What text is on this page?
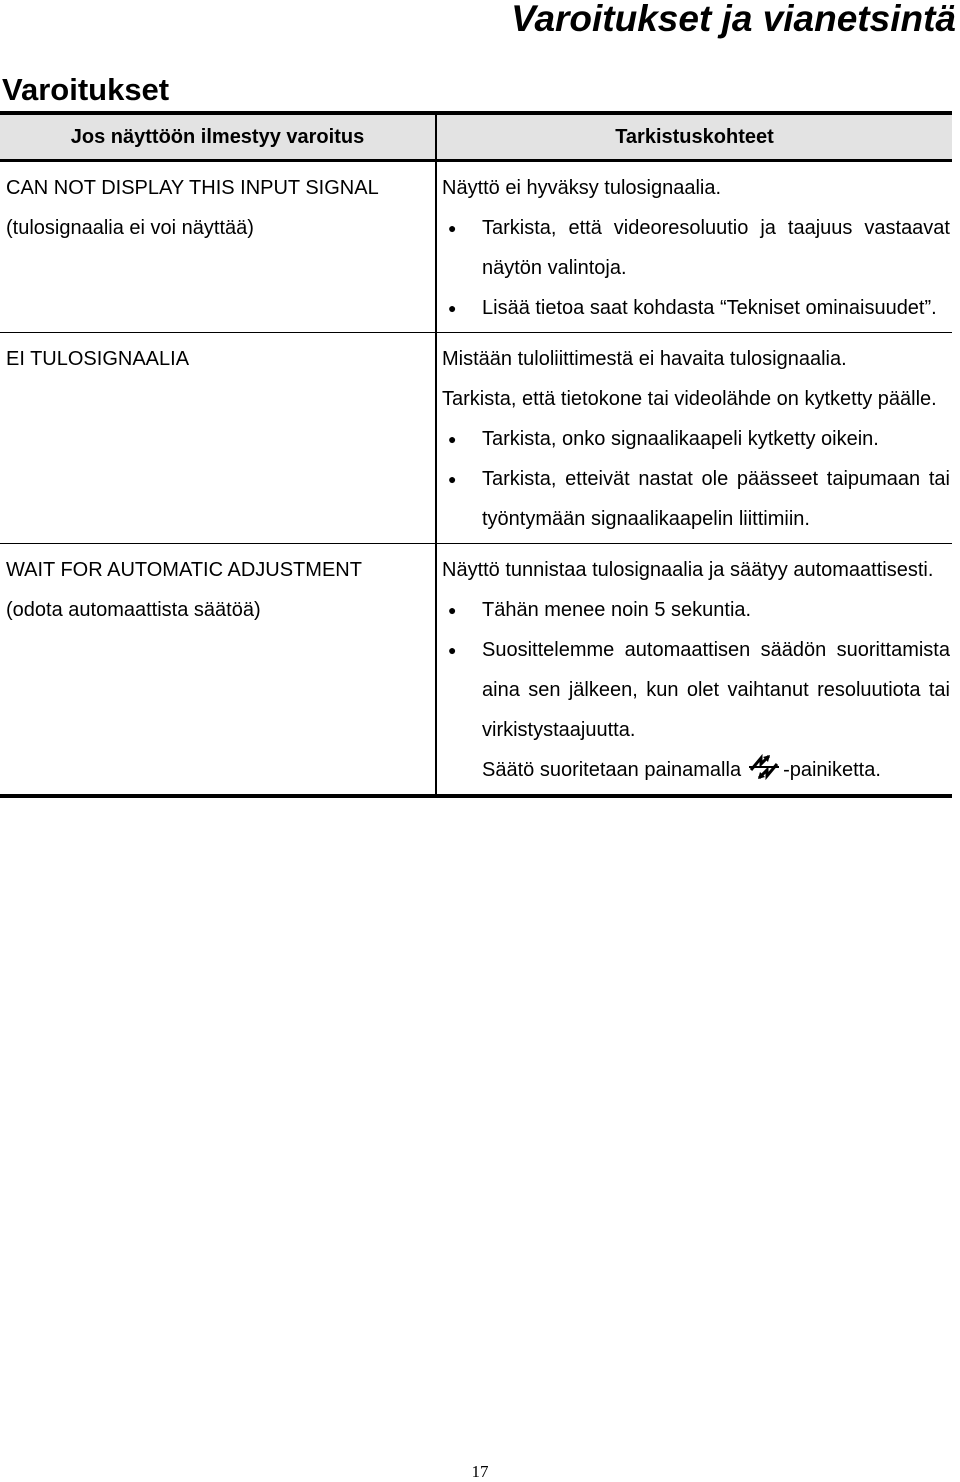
Varoitukset ja vianetsintä
Varoitukset
Jos näyttöön ilmestyy varoitus	Tarkistuskohteet
CAN NOT DISPLAY THIS INPUT SIGNAL
(tulosignaalia ei voi näyttää)
Näyttö ei hyväksy tulosignaalia.
● Tarkista, että videoresoluutio ja taajuus vastaavat näytön valintoja.
● Lisää tietoa saat kohdasta “Tekniset ominaisuudet”.
EI TULOSIGNAALIA	Mistään tuloliittimestä ei havaita tulosignaalia.
Tarkista, että tietokone tai videolähde on kytketty päälle.
● Tarkista, onko signaalikaapeli kytketty oikein.
● Tarkista, etteivät nastat ole päässeet taipumaan tai työntymään signaalikaapelin liittimiin.
WAIT FOR AUTOMATIC ADJUSTMENT
(odota automaattista säätöä)
Näyttö tunnistaa tulosignaalia ja säätyy automaattisesti.
● Tähän menee noin 5 sekuntia.
● Suosittelemme automaattisen säädön suorittamista aina sen jälkeen, kun olet vaihtanut resoluutiota tai virkistystaajuutta.
Säätö suoritetaan painamalla -painiketta.
17
